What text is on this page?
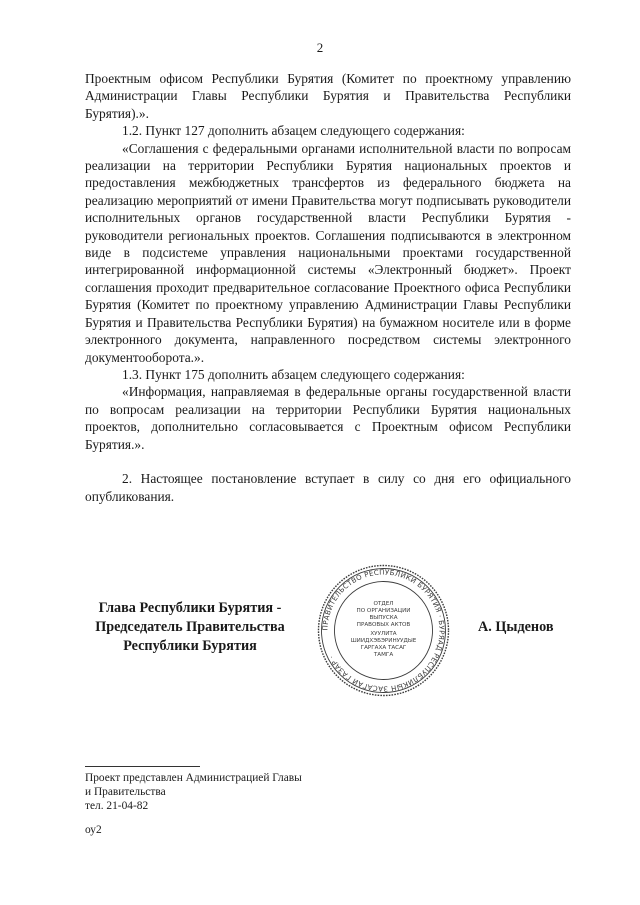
2

Проектным офисом Республики Бурятия (Комитет по проектному управлению Администрации Главы Республики Бурятия и Правительства Республики Бурятия).».

1.2. Пункт 127 дополнить абзацем следующего содержания:

«Соглашения с федеральными органами исполнительной власти по вопросам реализации на территории Республики Бурятия национальных проектов и предоставления межбюджетных трансфертов из федерального бюджета на реализацию мероприятий от имени Правительства могут подписывать руководители исполнительных органов государственной власти Республики Бурятия - руководители региональных проектов. Соглашения подписываются в электронном виде в подсистеме управления национальными проектами государственной интегрированной информационной системы «Электронный бюджет». Проект соглашения проходит предварительное согласование Проектного офиса Республики Бурятия (Комитет по проектному управлению Администрации Главы Республики Бурятия и Правительства Республики Бурятия) на бумажном носителе или в форме электронного документа, направленного посредством системы электронного документооборота.».

1.3. Пункт 175 дополнить абзацем следующего содержания:

«Информация, направляемая в федеральные органы государственной власти по вопросам реализации на территории Республики Бурятия национальных проектов, дополнительно согласовывается с Проектным офисом Республики Бурятия.».

2. Настоящее постановление вступает в силу со дня его официального опубликования.

Глава Республики Бурятия -
Председатель Правительства
Республики Бурятия
ПРАВИТЕЛЬСТВО РЕСПУБЛИКИ БУРЯТИЯ · БУРЯАД РЕСПУБЛИКЫН ЗАСАГАЙ ГАЗАР ·
ОТДЕЛ
ПО ОРГАНИЗАЦИИ
ВЫПУСКА
ПРАВОВЫХ АКТОВ
ХУУЛИТА
ШИИДХЭБЭРИНУУДЫЕ
ГАРГАХА ТАСАГ
ТАМГА
А. Цыденов
Проект представлен Администрацией Главы
и Правительства
тел. 21-04-82
оу2
